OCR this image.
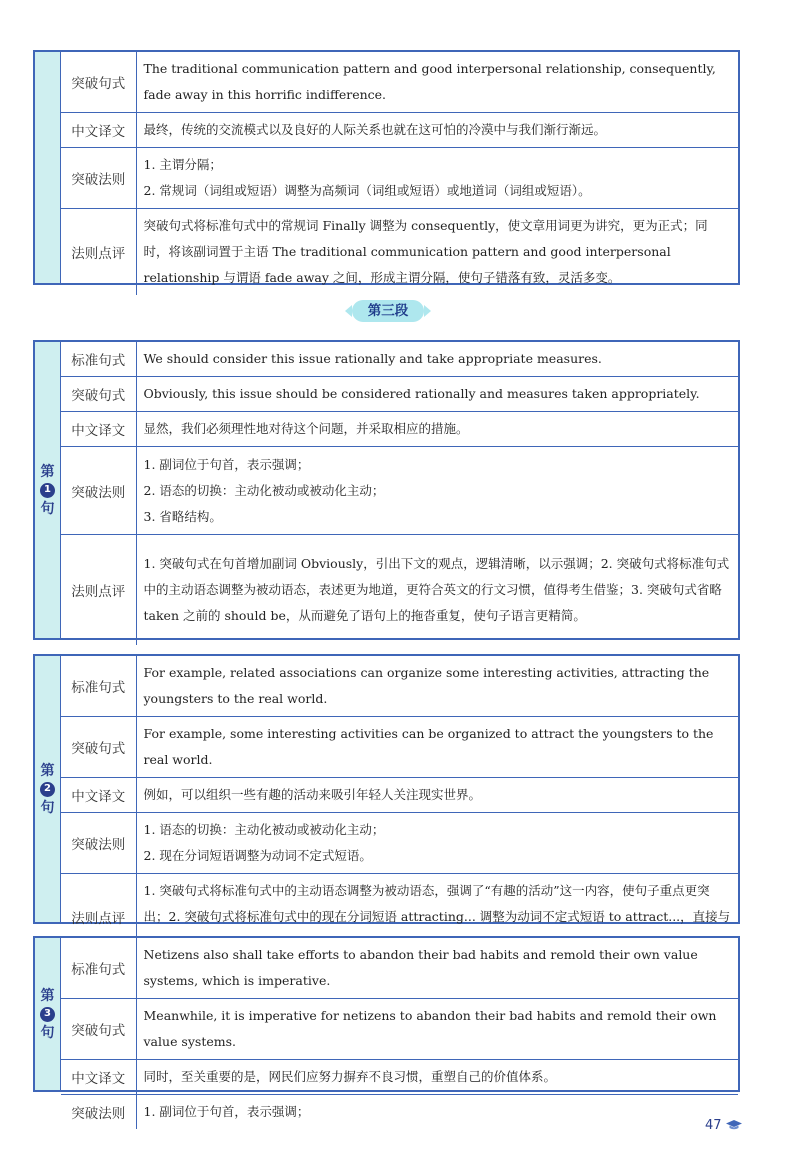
突破句式	The traditional communication pattern and good interpersonal relationship, consequently, fade away in this horrific indifference.
中文译文	最终，传统的交流模式以及良好的人际关系也就在这可怕的冷漠中与我们渐行渐远。
突破法则	1. 主谓分隔；
2. 常规词（词组或短语）调整为高频词（词组或短语）或地道词（词组或短语）。

法则点评	突破句式将标准句式中的常规词 Finally 调整为 consequently，使文章用词更为讲究，更为正式；同时，将该副词置于主语 The traditional communication pattern and good interpersonal relationship 与谓语 fade away 之间，形成主谓分隔，使句子错落有致，灵活多变。
第三段
第
1
句
标准句式	We should consider this issue rationally and take appropriate measures.
突破句式	Obviously, this issue should be considered rationally and measures taken appropriately.
中文译文	显然，我们必须理性地对待这个问题，并采取相应的措施。
突破法则	1. 副词位于句首，表示强调；
2. 语态的切换：主动化被动或被动化主动；
3. 省略结构。

法则点评	1. 突破句式在句首增加副词 Obviously，引出下文的观点，逻辑清晰，以示强调；2. 突破句式将标准句式中的主动语态调整为被动语态，表述更为地道，更符合英文的行文习惯，值得考生借鉴；3. 突破句式省略 taken 之前的 should be，从而避免了语句上的拖沓重复，使句子语言更精简。
第
2
句
标准句式	For example, related associations can organize some interesting activities, attracting the youngsters to the real world.
突破句式	For example, some interesting activities can be organized to attract the youngsters to the real world.
中文译文	例如，可以组织一些有趣的活动来吸引年轻人关注现实世界。
突破法则	1. 语态的切换：主动化被动或被动化主动；
2. 现在分词短语调整为动词不定式短语。

法则点评	1. 突破句式将标准句式中的主动语态调整为被动语态，强调了“有趣的活动”这一内容，使句子重点更突出；2. 突破句式将标准句式中的现在分词短语 attracting... 调整为动词不定式短语 to attract...，直接与
第
3
句
标准句式	Netizens also shall take efforts to abandon their bad habits and remold their own value systems, which is imperative.
突破句式	Meanwhile, it is imperative for netizens to abandon their bad habits and remold their own value systems.
中文译文	同时，至关重要的是，网民们应努力摒弃不良习惯，重塑自己的价值体系。
突破法则	1. 副词位于句首，表示强调；
47
